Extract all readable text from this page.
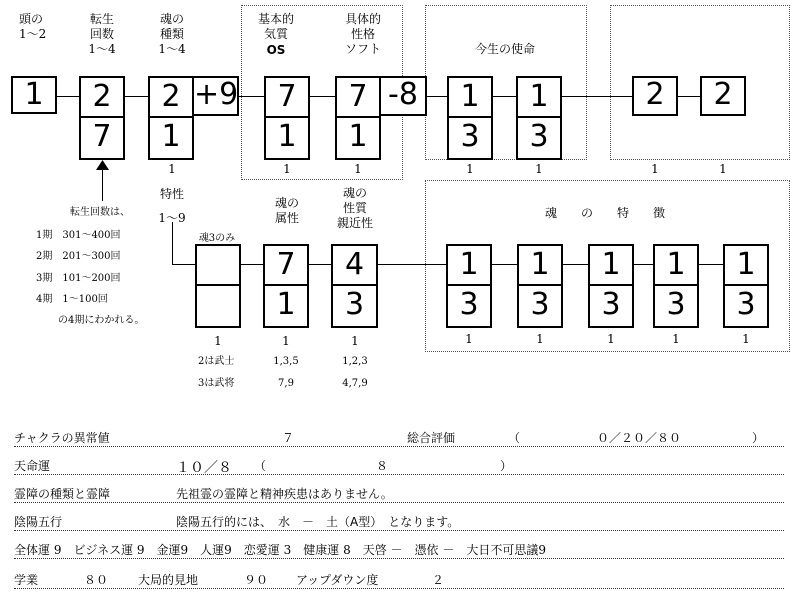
頭の
1〜2
転生
回数
1〜4
魂の
種類
1〜4
基本的
気質
OS
具体的
性格
ソフト	今生の使命
1	2
7
2
1
+9	7
1
7
1
-8	1
3
1
3
2	2
1
特性
1〜9
1	1	1	1	1	1
転生回数は、
1期　301〜400回
2期　201〜300回
3期　101〜200回
4期　1〜100回
の4期にわかれる。
魂3のみ
魂の
属性
魂の
性質
親近性
魂　　の　　特　　徴
7
1
4
3
1
3
1
3
1
3
1
3
1
3
1	1	1	1	1	1	1	1
2は武士
3は武将
1,3,5
7,9
1,2,3
4,7,9
チャクラの異常値	７	総合評価	（	０／２０／８０	）
天命運	１０／８ （	８	）
霊障の種類と霊障	先祖霊の霊障と精神疾患はありません。
陰陽五行	陰陽五行的には、　水　－　土（A型）　となります。
全体運 9　ビジネス運 9　金運9　人運9　恋愛運 3　健康運 8　天啓 －　憑依 －　大日不可思議9
学業	８０ 大局的見地	９０ アップダウン度	２
